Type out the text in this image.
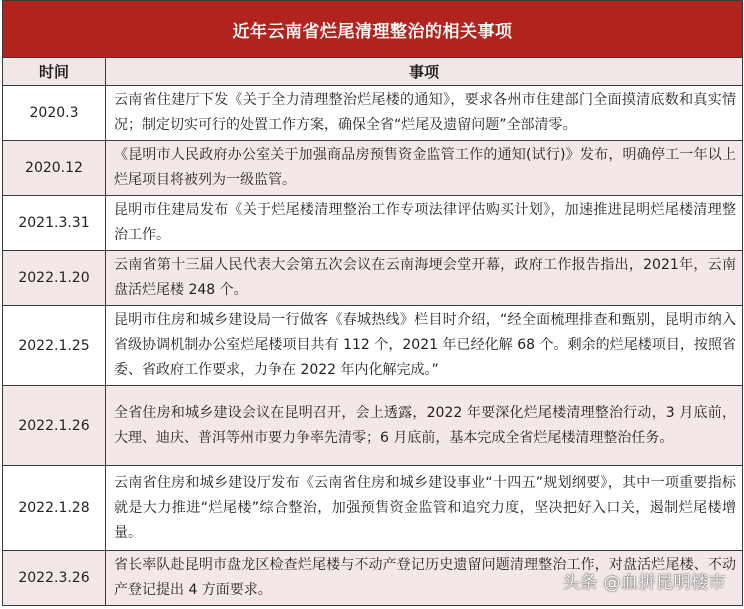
近年云南省烂尾清理整治的相关事项
时间	事项
2020.3	云南省住建厅下发《关于全力清理整治烂尾楼的通知》，要求各州市住建部门全面摸清底数和真实情况；制定切实可行的处置工作方案，确保全省“烂尾及遗留问题”全部清零。
2020.12	《昆明市人民政府办公室关于加强商品房预售资金监管工作的通知(试行)》发布，明确停工一年以上烂尾项目将被列为一级监管。
2021.3.31	昆明市住建局发布《关于烂尾楼清理整治工作专项法律评估购买计划》，加速推进昆明烂尾楼清理整治工作。
2022.1.20	云南省第十三届人民代表大会第五次会议在云南海埂会堂开幕，政府工作报告指出，2021年，云南盘活烂尾楼 248 个。
2022.1.25	昆明市住房和城乡建设局一行做客《春城热线》栏目时介绍，“经全面梳理排查和甄别，昆明市纳入省级协调机制办公室烂尾楼项目共有 112 个，2021 年已经化解 68 个。剩余的烂尾楼项目，按照省委、省政府工作要求，力争在 2022 年内化解完成。”
2022.1.26	全省住房和城乡建设会议在昆明召开，会上透露，2022 年要深化烂尾楼清理整治行动，3 月底前，大理、迪庆、普洱等州市要力争率先清零；6 月底前，基本完成全省烂尾楼清理整治任务。
2022.1.28	云南省住房和城乡建设厅发布《云南省住房和城乡建设事业“十四五”规划纲要》，其中一项重要指标就是大力推进“烂尾楼”综合整治，加强预售资金监管和追究力度，坚决把好入口关，遏制烂尾楼增量。
2022.3.26	省长率队赴昆明市盘龙区检查烂尾楼与不动产登记历史遗留问题清理整治工作，对盘活烂尾楼、不动产登记提出 4 方面要求。	头条 @血拼昆明楼市
